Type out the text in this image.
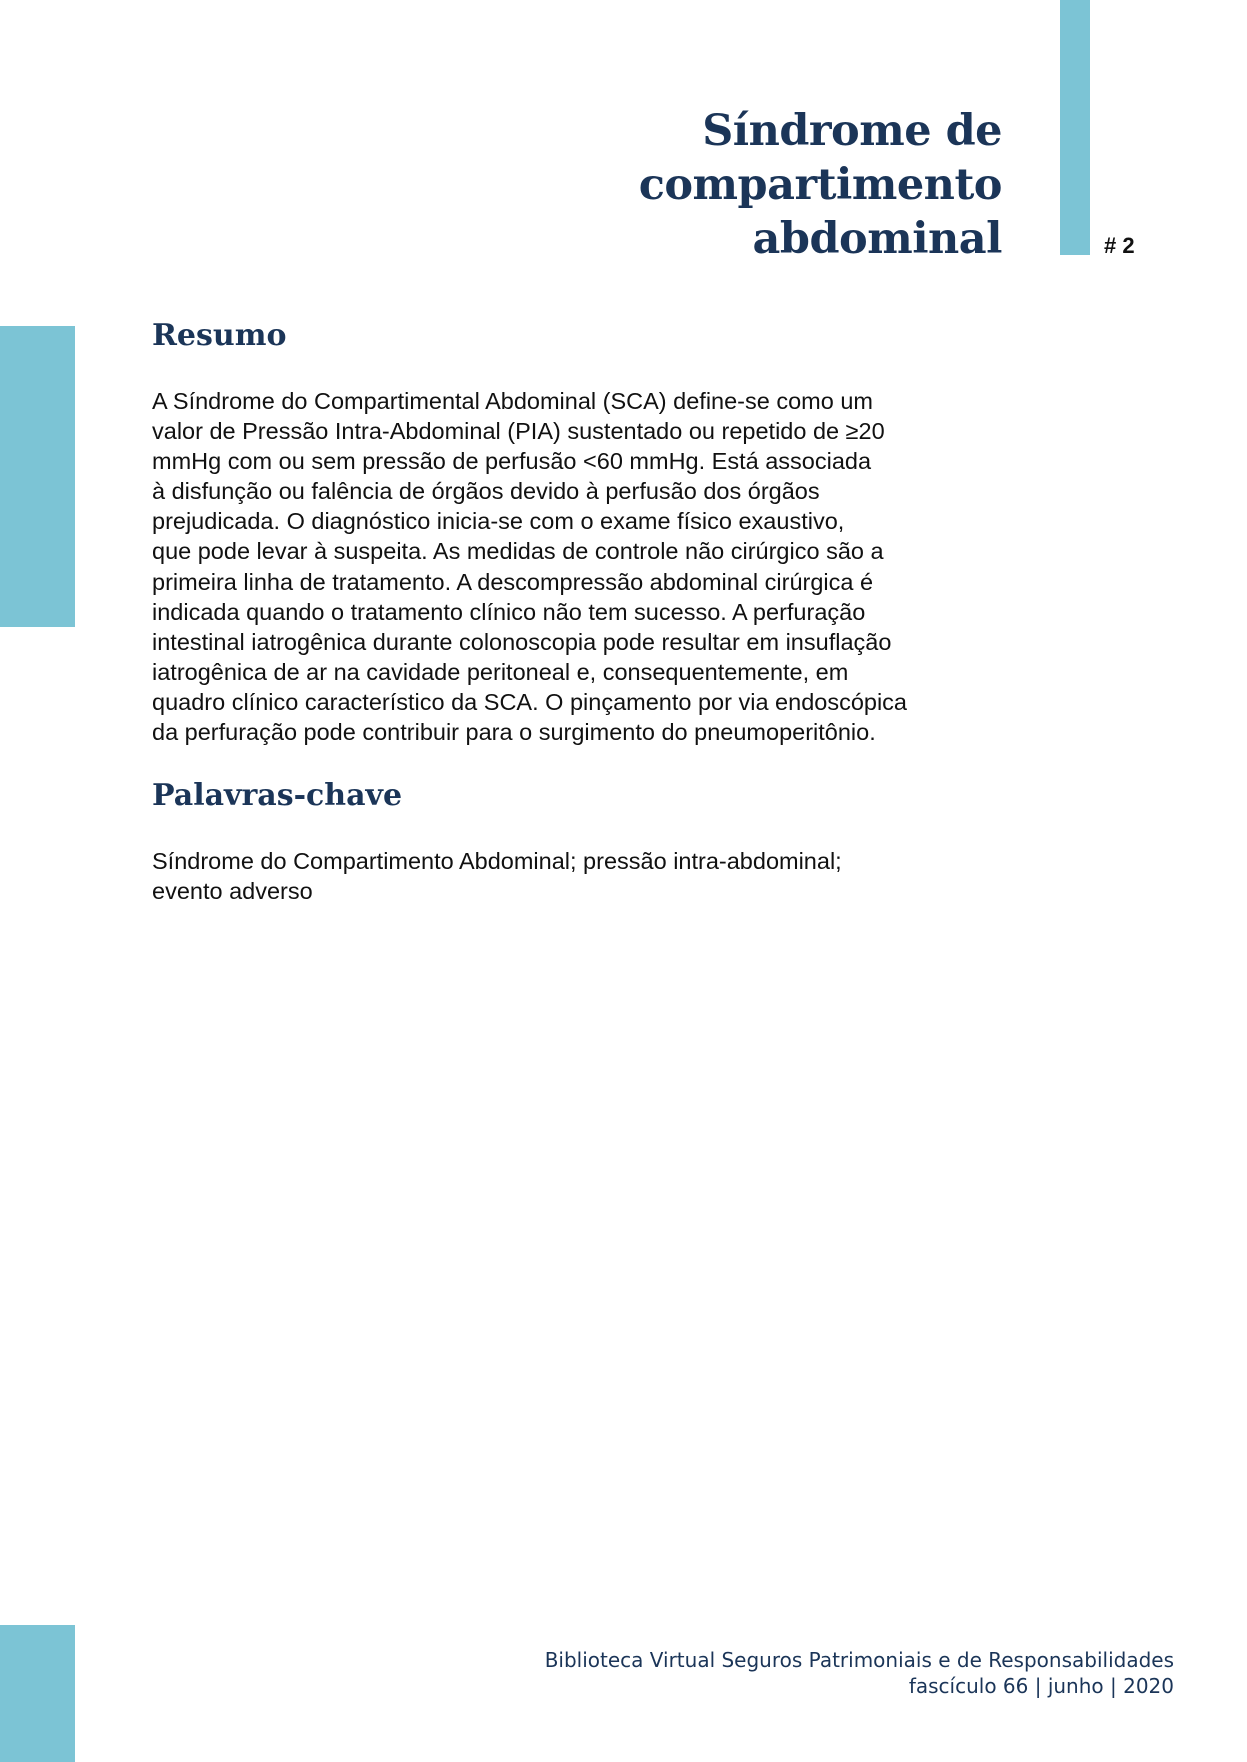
Síndrome de
compartimento
abdominal	# 2
Resumo

A Síndrome do Compartimental Abdominal (SCA) define-se como um
valor de Pressão Intra-Abdominal (PIA) sustentado ou repetido de ≥20
mmHg com ou sem pressão de perfusão <60 mmHg. Está associada
à disfunção ou falência de órgãos devido à perfusão dos órgãos
prejudicada. O diagnóstico inicia-se com o exame físico exaustivo,
que pode levar à suspeita. As medidas de controle não cirúrgico são a
primeira linha de tratamento. A descompressão abdominal cirúrgica é
indicada quando o tratamento clínico não tem sucesso. A perfuração
intestinal iatrogênica durante colonoscopia pode resultar em insuflação
iatrogênica de ar na cavidade peritoneal e, consequentemente, em
quadro clínico característico da SCA. O pinçamento por via endoscópica
da perfuração pode contribuir para o surgimento do pneumoperitônio.

Palavras-chave

Síndrome do Compartimento Abdominal; pressão intra-abdominal;
evento adverso

Biblioteca Virtual Seguros Patrimoniais e de Responsabilidades
fascículo 66 | junho | 2020
